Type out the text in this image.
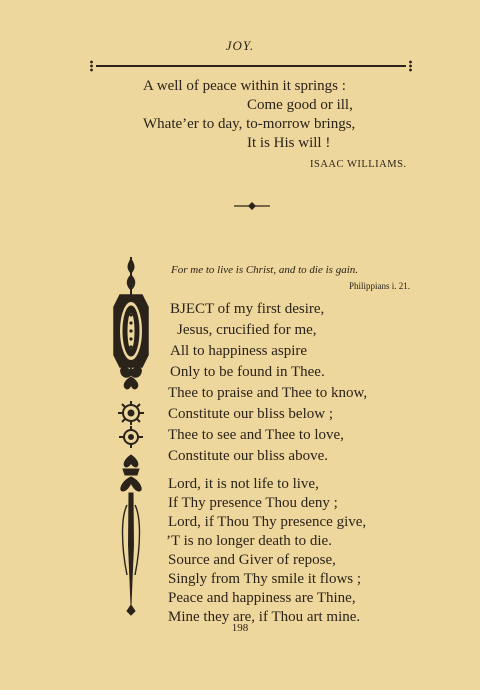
JOY.
A well of peace within it springs :
Come good or ill,
Whate’er to day, to-morrow brings,
It is His will !
ISAAC WILLIAMS.
For me to live is Christ, and to die is gain.
Philippians i. 21.
BJECT of my first desire,
Jesus, crucified for me,
All to happiness aspire
Only to be found in Thee.
Thee to praise and Thee to know,
Constitute our bliss below ;
Thee to see and Thee to love,
Constitute our bliss above.
Lord, it is not life to live,
If Thy presence Thou deny ;
Lord, if Thou Thy presence give,
’T is no longer death to die.
Source and Giver of repose,
Singly from Thy smile it flows ;
Peace and happiness are Thine,
Mine they are, if Thou art mine.
198
